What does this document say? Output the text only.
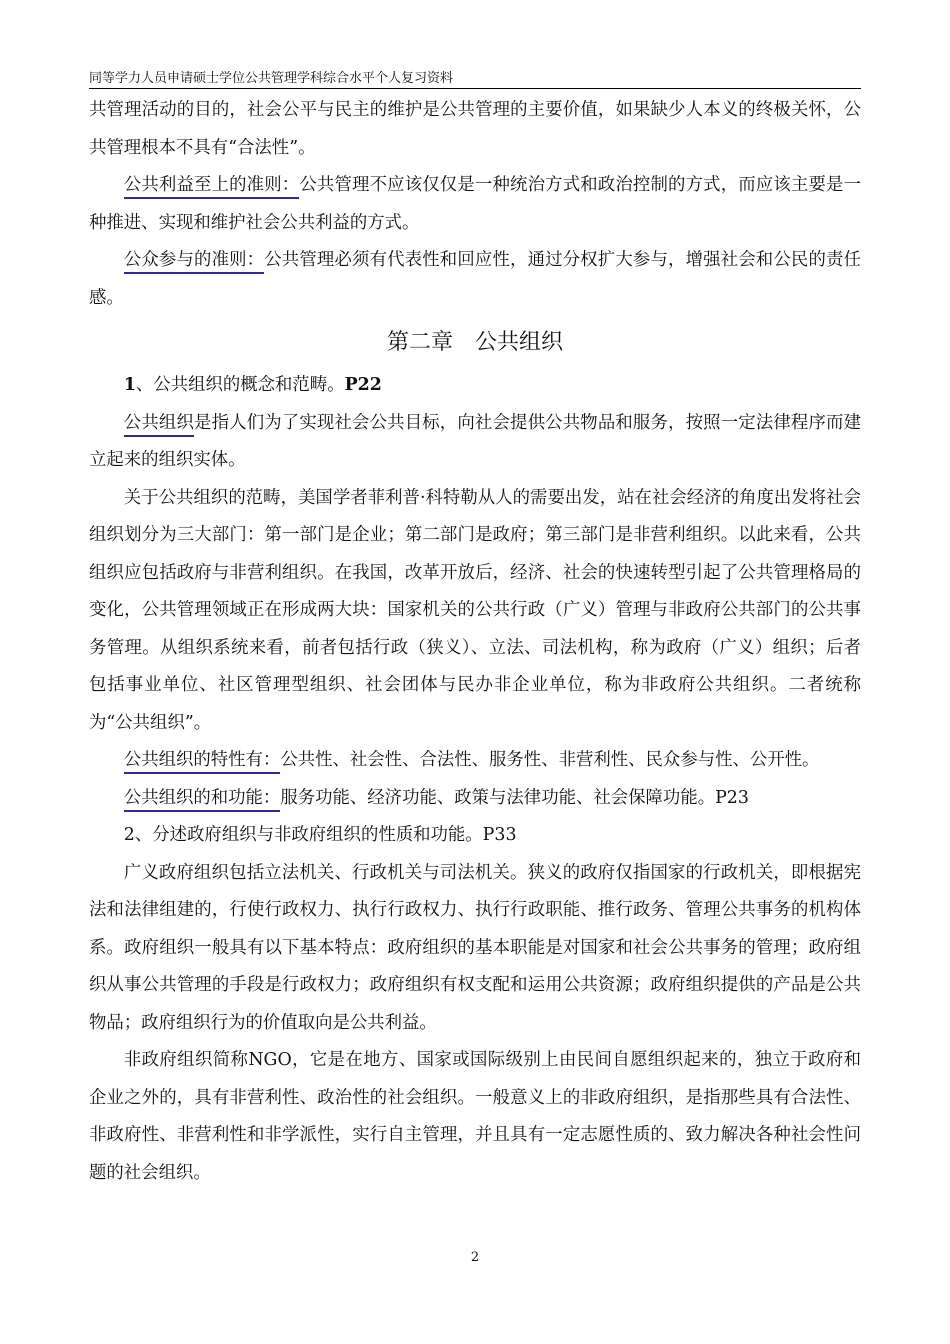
同等学力人员申请硕士学位公共管理学科综合水平个人复习资料

共管理活动的目的，社会公平与民主的维护是公共管理的主要价值，如果缺少人本义的终极关怀，公共管理根本不具有“合法性”。

公共利益至上的准则：公共管理不应该仅仅是一种统治方式和政治控制的方式，而应该主要是一种推进、实现和维护社会公共利益的方式。

公众参与的准则：公共管理必须有代表性和回应性，通过分权扩大参与，增强社会和公民的责任感。

第二章　公共组织

1、公共组织的概念和范畴。P22

公共组织是指人们为了实现社会公共目标，向社会提供公共物品和服务，按照一定法律程序而建立起来的组织实体。

关于公共组织的范畴，美国学者菲利普·科特勒从人的需要出发，站在社会经济的角度出发将社会组织划分为三大部门：第一部门是企业；第二部门是政府；第三部门是非营利组织。以此来看，公共组织应包括政府与非营利组织。在我国，改革开放后，经济、社会的快速转型引起了公共管理格局的变化，公共管理领域正在形成两大块：国家机关的公共行政（广义）管理与非政府公共部门的公共事务管理。从组织系统来看，前者包括行政（狭义）、立法、司法机构，称为政府（广义）组织；后者包括事业单位、社区管理型组织、社会团体与民办非企业单位，称为非政府公共组织。二者统称为“公共组织”。

公共组织的特性有：公共性、社会性、合法性、服务性、非营利性、民众参与性、公开性。

公共组织的和功能：服务功能、经济功能、政策与法律功能、社会保障功能。P23

2、分述政府组织与非政府组织的性质和功能。P33

广义政府组织包括立法机关、行政机关与司法机关。狭义的政府仅指国家的行政机关，即根据宪法和法律组建的，行使行政权力、执行行政权力、执行行政职能、推行政务、管理公共事务的机构体系。政府组织一般具有以下基本特点：政府组织的基本职能是对国家和社会公共事务的管理；政府组织从事公共管理的手段是行政权力；政府组织有权支配和运用公共资源；政府组织提供的产品是公共物品；政府组织行为的价值取向是公共利益。

非政府组织简称NGO，它是在地方、国家或国际级别上由民间自愿组织起来的，独立于政府和企业之外的，具有非营利性、政治性的社会组织。一般意义上的非政府组织，是指那些具有合法性、非政府性、非营利性和非学派性，实行自主管理，并且具有一定志愿性质的、致力解决各种社会性问题的社会组织。

2
